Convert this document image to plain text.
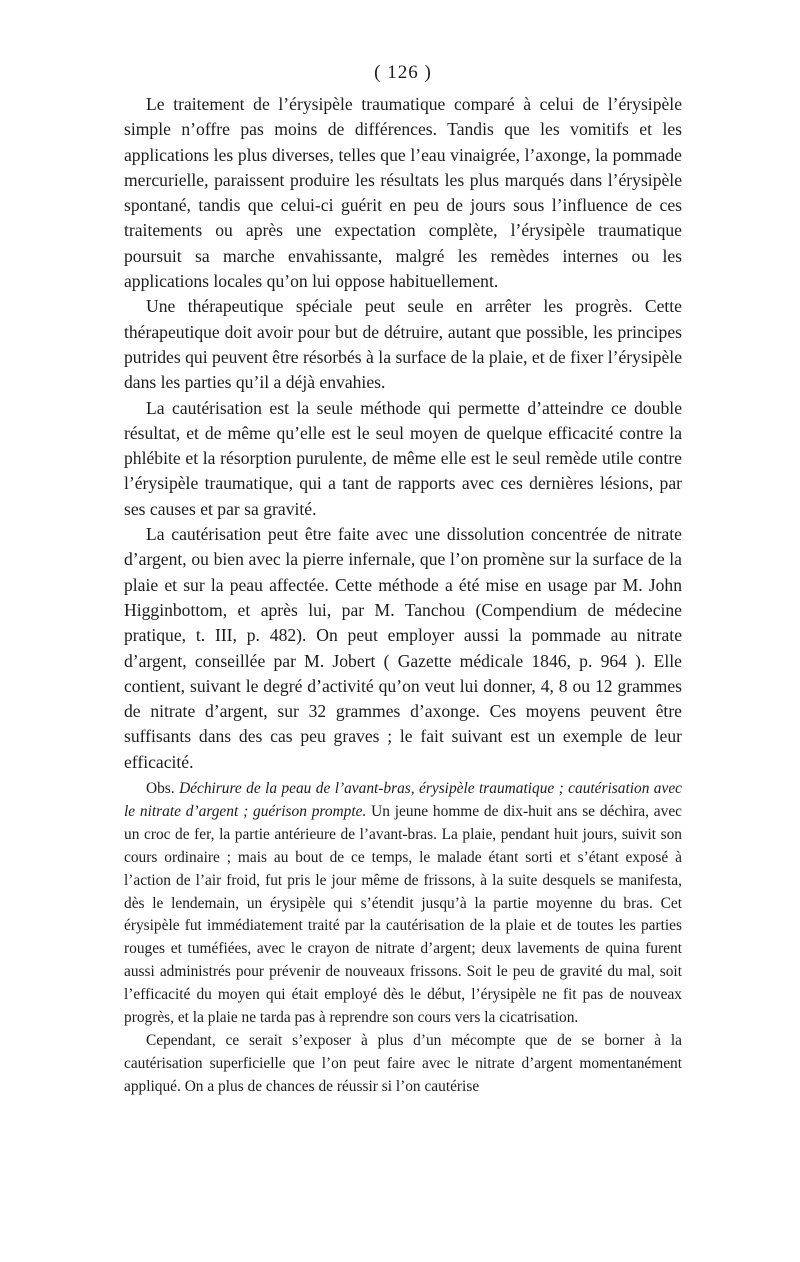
( 126 )

Le traitement de l’érysipèle traumatique comparé à celui de l’érysipèle simple n’offre pas moins de différences. Tandis que les vomitifs et les applications les plus diverses, telles que l’eau vinaigrée, l’axonge, la pommade mercurielle, paraissent produire les résultats les plus marqués dans l’érysipèle spontané, tandis que celui-ci guérit en peu de jours sous l’influence de ces traitements ou après une expectation complète, l’érysipèle traumatique poursuit sa marche envahissante, malgré les remèdes internes ou les applications locales qu’on lui oppose habituellement.

Une thérapeutique spéciale peut seule en arrêter les progrès. Cette thérapeutique doit avoir pour but de détruire, autant que possible, les principes putrides qui peuvent être résorbés à la surface de la plaie, et de fixer l’érysipèle dans les parties qu’il a déjà envahies.

La cautérisation est la seule méthode qui permette d’atteindre ce double résultat, et de même qu’elle est le seul moyen de quelque efficacité contre la phlébite et la résorption purulente, de même elle est le seul remède utile contre l’érysipèle traumatique, qui a tant de rapports avec ces dernières lésions, par ses causes et par sa gravité.

La cautérisation peut être faite avec une dissolution concentrée de nitrate d’argent, ou bien avec la pierre infernale, que l’on promène sur la surface de la plaie et sur la peau affectée. Cette méthode a été mise en usage par M. John Higginbottom, et après lui, par M. Tanchou (Compendium de médecine pratique, t. III, p. 482). On peut employer aussi la pommade au nitrate d’argent, conseillée par M. Jobert ( Gazette médicale 1846, p. 964 ). Elle contient, suivant le degré d’activité qu’on veut lui donner, 4, 8 ou 12 grammes de nitrate d’argent, sur 32 grammes d’axonge. Ces moyens peuvent être suffisants dans des cas peu graves ; le fait suivant est un exemple de leur efficacité.

Obs. Déchirure de la peau de l’avant-bras, érysipèle traumatique ; cautérisation avec le nitrate d’argent ; guérison prompte. Un jeune homme de dix-huit ans se déchira, avec un croc de fer, la partie antérieure de l’avant-bras. La plaie, pendant huit jours, suivit son cours ordinaire ; mais au bout de ce temps, le malade étant sorti et s’étant exposé à l’action de l’air froid, fut pris le jour même de frissons, à la suite desquels se manifesta, dès le lendemain, un érysipèle qui s’étendit jusqu’à la partie moyenne du bras. Cet érysipèle fut immédiatement traité par la cautérisation de la plaie et de toutes les parties rouges et tuméfiées, avec le crayon de nitrate d’argent; deux lavements de quina furent aussi administrés pour prévenir de nouveaux frissons. Soit le peu de gravité du mal, soit l’efficacité du moyen qui était employé dès le début, l’érysipèle ne fit pas de nouveax progrès, et la plaie ne tarda pas à reprendre son cours vers la cicatrisation.

Cependant, ce serait s’exposer à plus d’un mécompte que de se borner à la cautérisation superficielle que l’on peut faire avec le nitrate d’argent momentanément appliqué. On a plus de chances de réussir si l’on cautérise
